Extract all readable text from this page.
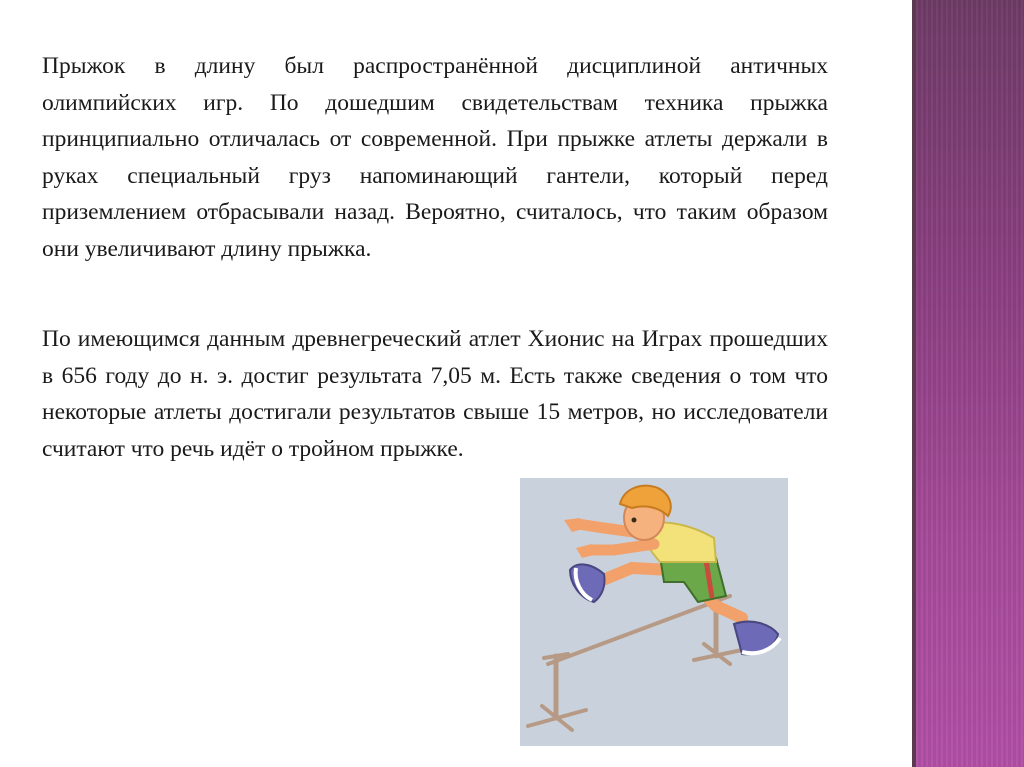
Прыжок в длину был распространённой дисциплиной античных олимпийских игр. По дошедшим свидетельствам техника прыжка принципиально отличалась от современной. При прыжке атлеты держали в руках специальный груз напоминающий гантели, который перед приземлением отбрасывали назад. Вероятно, считалось, что таким образом они увеличивают длину прыжка.

По имеющимся данным древнегреческий атлет Хионис на Играх прошедших в 656 году до н. э. достиг результата 7,05 м. Есть также сведения о том что некоторые атлеты достигали результатов свыше 15 метров, но исследователи считают что речь идёт о тройном прыжке.
